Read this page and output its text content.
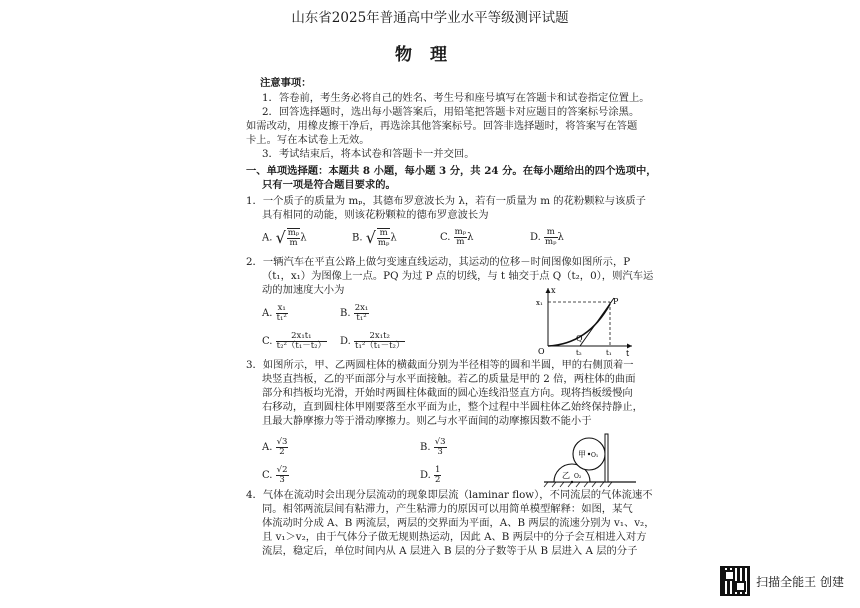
山东省2025年普通高中学业水平等级测评试题
物理
注意事项：
1．答卷前，考生务必将自己的姓名、考生号和座号填写在答题卡和试卷指定位置上。
2．回答选择题时，选出每小题答案后，用铅笔把答题卡对应题目的答案标号涂黑。
如需改动，用橡皮擦干净后，再选涂其他答案标号。回答非选择题时，将答案写在答题
卡上。写在本试卷上无效。
3．考试结束后，将本试卷和答题卡一并交回。
一、单项选择题：本题共 8 小题，每小题 3 分，共 24 分。在每小题给出的四个选项中，
只有一项是符合题目要求的。
1．一个质子的质量为 mₚ，其德布罗意波长为 λ，若有一质量为 m 的花粉颗粒与该质子
具有相同的动能，则该花粉颗粒的德布罗意波长为
A. √ $\frac{\text{mₚ}}{m}$ λ	B. √ $\frac{m}{\text{mₚ}}$ λ	C. $\frac{\text{mₚ}}{m}$ λ	D. $\frac{m}{\text{mₚ}}$ λ
2．一辆汽车在平直公路上做匀变速直线运动，其运动的位移－时间图像如图所示，P
（t₁，x₁）为图像上一点。PQ 为过 P 点的切线，与 t 轴交于点 Q（t₂，0），则汽车运
动的加速度大小为
A. $\frac{\text{x₁}}{\text{t₁²}}$	B. $\frac{\text{2x₁}}{\text{t₁²}}$
C. $\frac{\text{2x₁t₁}}{\text{t₂²（t₁－t₂）}} D$. $\frac{\text{2x₁t₂}}{\text{t₁²（t₁－t₂）}}$
x
t
O
x₁	P
Q
t₂	t₁
3．如图所示，甲、乙两圆柱体的横截面分别为半径相等的圆和半圆，甲的右侧顶着一
块竖直挡板，乙的平面部分与水平面接触。若乙的质量是甲的 2 倍，两柱体的曲面
部分和挡板均光滑，开始时两圆柱体截面的圆心连线沿竖直方向。现将挡板缓慢向
右移动，直到圆柱体甲刚要落至水平面为止，整个过程中半圆柱体乙始终保持静止，
且最大静摩擦力等于滑动摩擦力。则乙与水平面间的动摩擦因数不能小于
A. $\frac{√3}{2}$	B. $\frac{√3}{3}$
C. $\frac{√2}{3}$	D. $\frac{1}{2}$
甲 O₁
乙 O₂
4．气体在流动时会出现分层流动的现象即层流（laminar flow），不同流层的气体流速不
同。相邻两流层间有粘滞力，产生粘滞力的原因可以用简单模型解释：如图，某气
体流动时分成 A、B 两流层，两层的交界面为平面，A、B 两层的流速分别为 v₁、v₂，
且 v₁＞v₂，由于气体分子做无规则热运动，因此 A、B 两层中的分子会互相进入对方
流层，稳定后，单位时间内从 A 层进入 B 层的分子数等于从 B 层进入 A 层的分子
扫描全能王 创建
